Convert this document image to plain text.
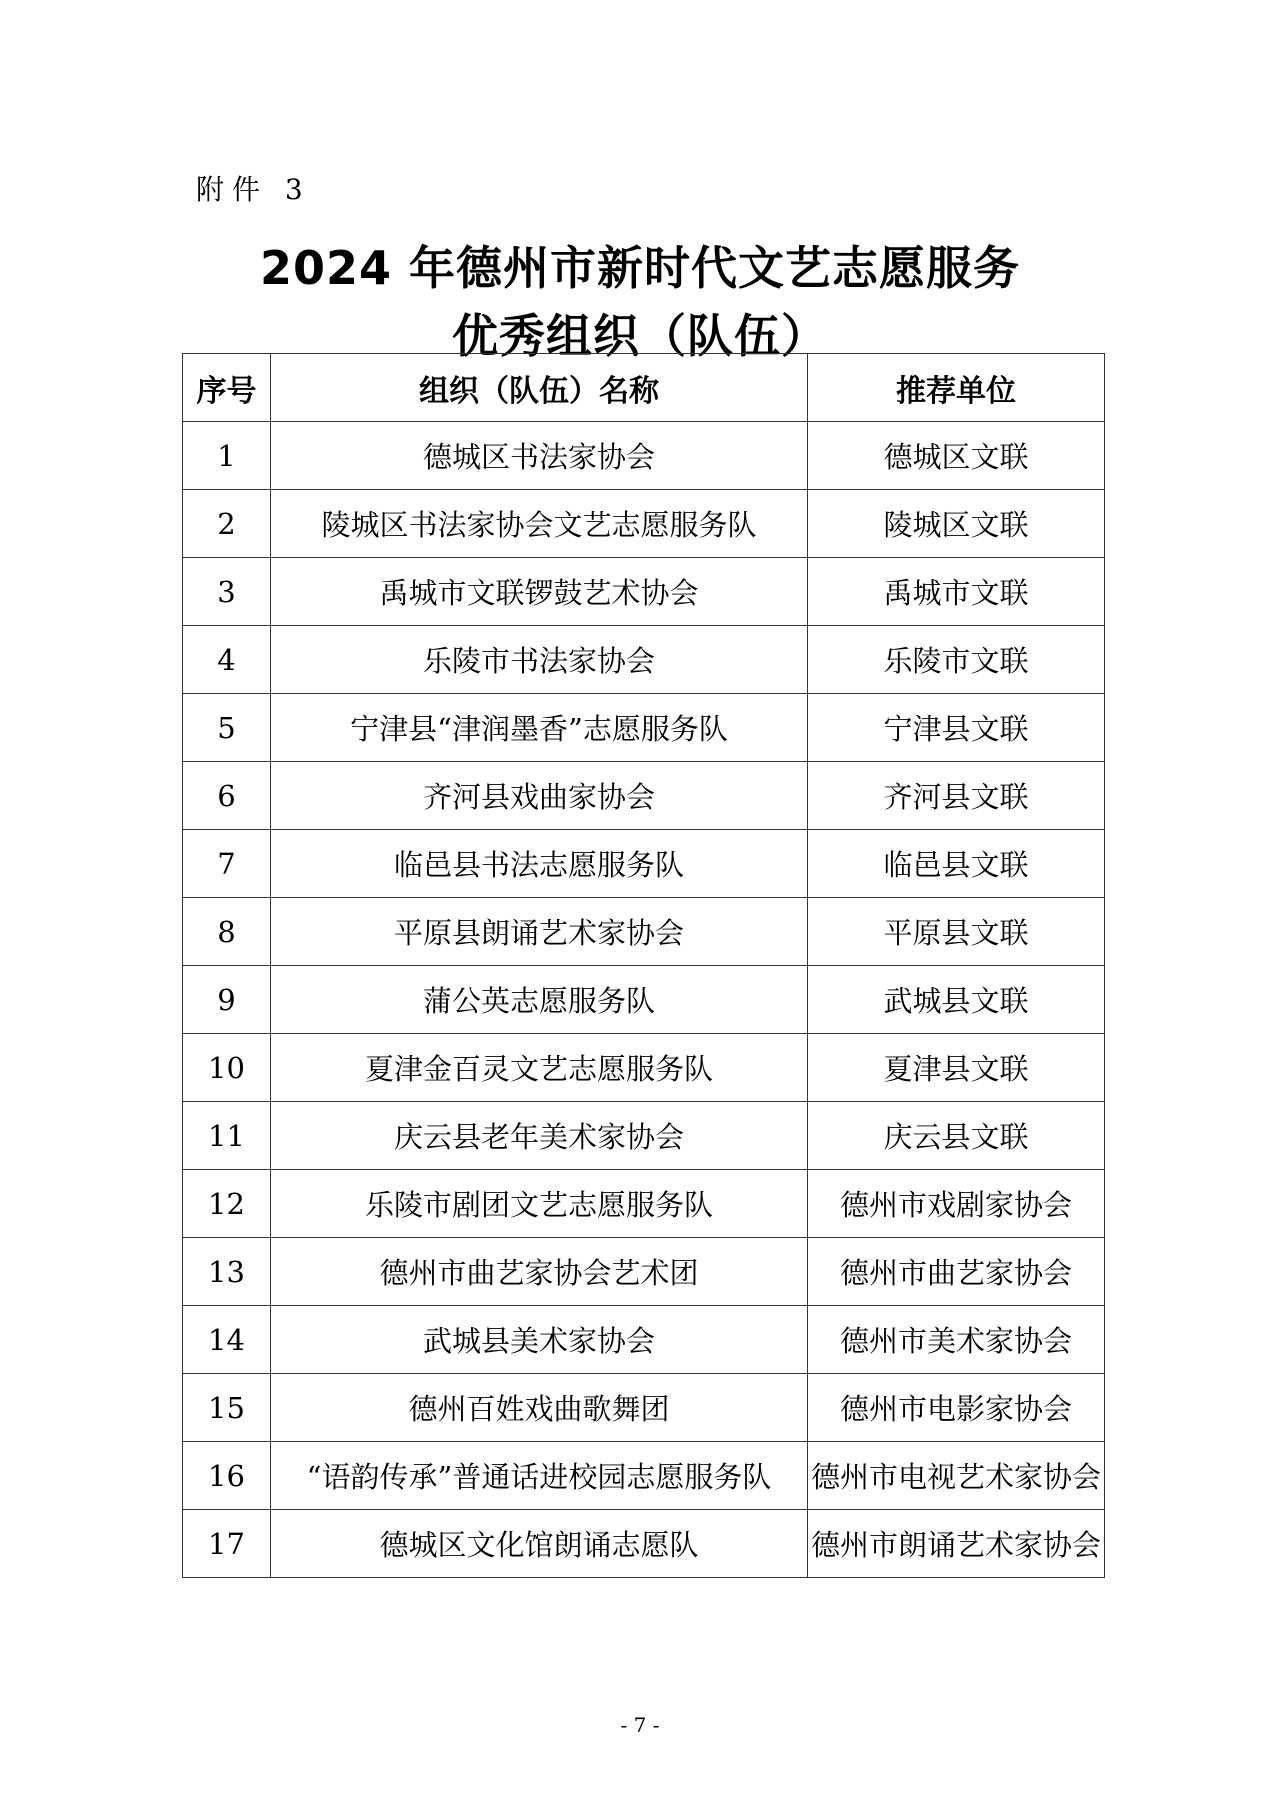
附件 3
2024 年德州市新时代文艺志愿服务
优秀组织（队伍）
序号	组织（队伍）名称	推荐单位
1	德城区书法家协会	德城区文联
2	陵城区书法家协会文艺志愿服务队	陵城区文联
3	禹城市文联锣鼓艺术协会	禹城市文联
4	乐陵市书法家协会	乐陵市文联
5	宁津县“津润墨香”志愿服务队	宁津县文联
6	齐河县戏曲家协会	齐河县文联
7	临邑县书法志愿服务队	临邑县文联
8	平原县朗诵艺术家协会	平原县文联
9	蒲公英志愿服务队	武城县文联
10	夏津金百灵文艺志愿服务队	夏津县文联
11	庆云县老年美术家协会	庆云县文联
12	乐陵市剧团文艺志愿服务队	德州市戏剧家协会
13	德州市曲艺家协会艺术团	德州市曲艺家协会
14	武城县美术家协会	德州市美术家协会
15	德州百姓戏曲歌舞团	德州市电影家协会
16	“语韵传承”普通话进校园志愿服务队	德州市电视艺术家协会
17	德城区文化馆朗诵志愿队	德州市朗诵艺术家协会
- 7 -
